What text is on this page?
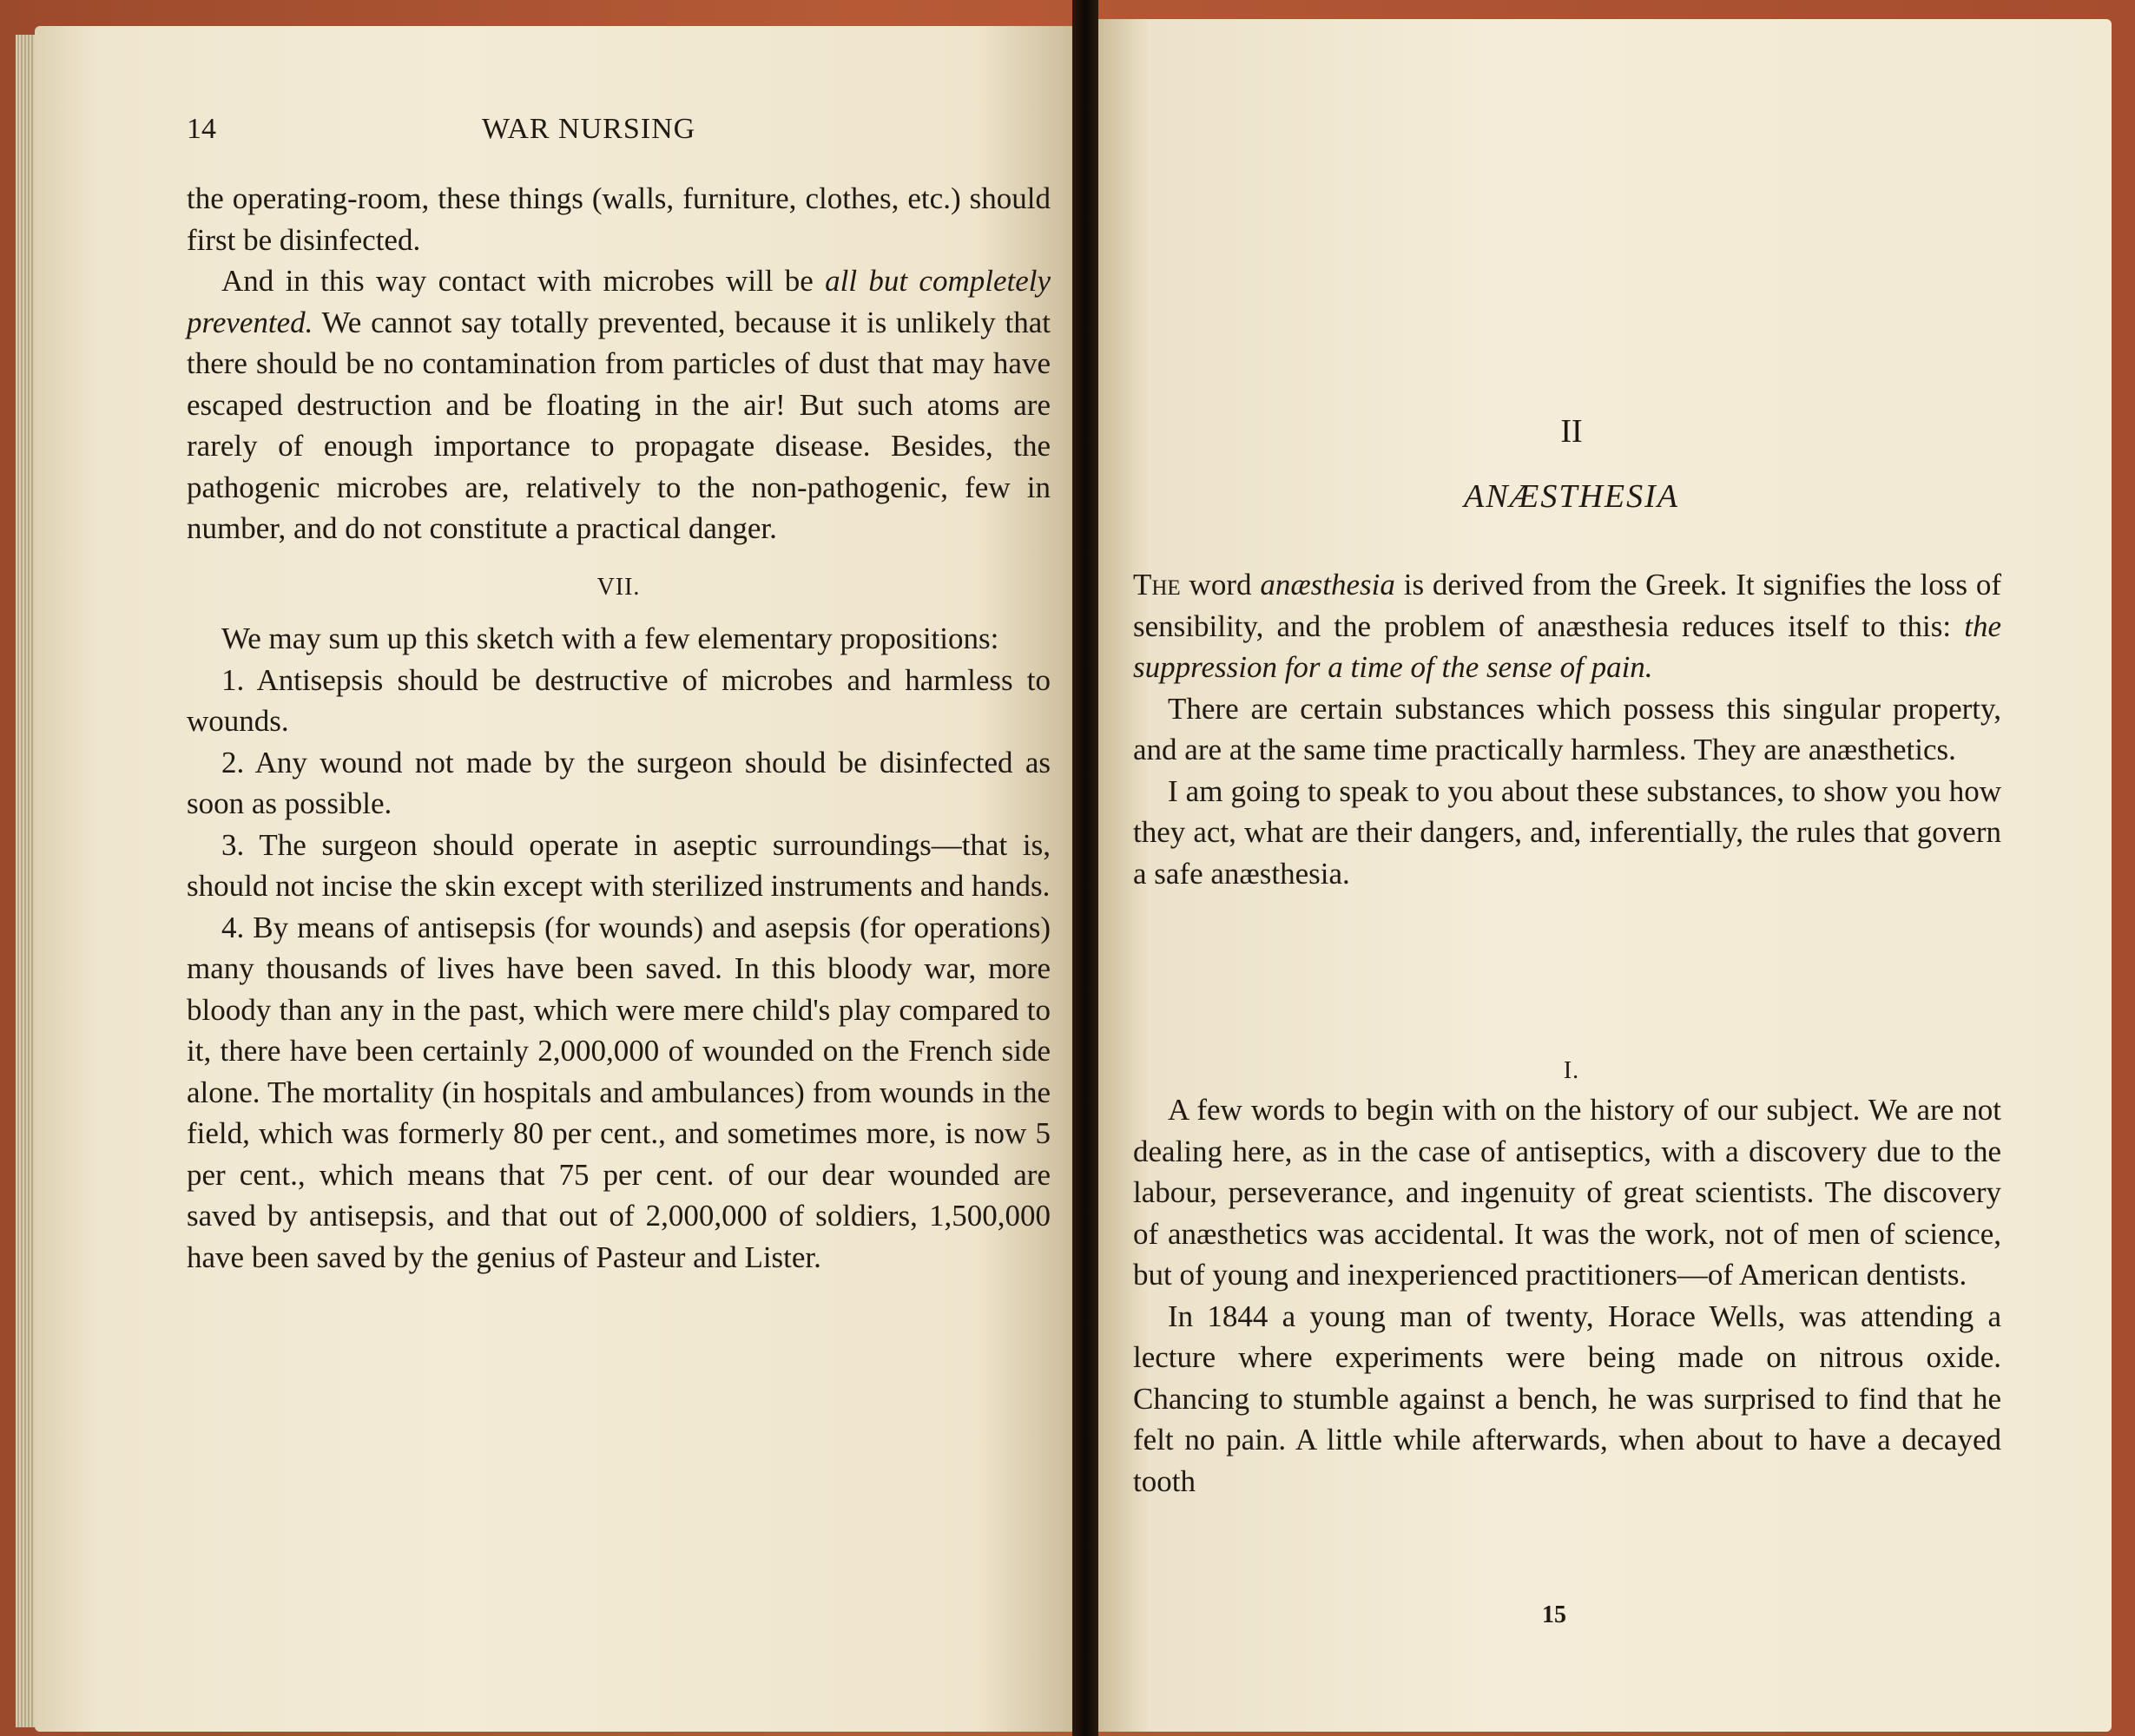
14	WAR NURSING

the operating-room, these things (walls, furniture, clothes, etc.) should first be disinfected.

And in this way contact with microbes will be all but completely prevented. We cannot say totally prevented, because it is unlikely that there should be no contamination from particles of dust that may have escaped destruction and be floating in the air! But such atoms are rarely of enough importance to propagate disease. Besides, the pathogenic microbes are, relatively to the non-pathogenic, few in number, and do not constitute a practical danger.

VII.

We may sum up this sketch with a few elementary propositions:

1. Antisepsis should be destructive of microbes and harmless to wounds.

2. Any wound not made by the surgeon should be disinfected as soon as possible.

3. The surgeon should operate in aseptic surroundings—that is, should not incise the skin except with sterilized instruments and hands.

4. By means of antisepsis (for wounds) and asepsis (for operations) many thousands of lives have been saved. In this bloody war, more bloody than any in the past, which were mere child's play compared to it, there have been certainly 2,000,000 of wounded on the French side alone. The mortality (in hospitals and ambulances) from wounds in the field, which was formerly 80 per cent., and sometimes more, is now 5 per cent., which means that 75 per cent. of our dear wounded are saved by antisepsis, and that out of 2,000,000 of soldiers, 1,500,000 have been saved by the genius of Pasteur and Lister.

II
ANÆSTHESIA

The word anæsthesia is derived from the Greek. It signifies the loss of sensibility, and the problem of anæsthesia reduces itself to this: the suppression for a time of the sense of pain.

There are certain substances which possess this singular property, and are at the same time practically harmless. They are anæsthetics.

I am going to speak to you about these substances, to show you how they act, what are their dangers, and, inferentially, the rules that govern a safe anæsthesia.

I.

A few words to begin with on the history of our subject. We are not dealing here, as in the case of antiseptics, with a discovery due to the labour, perseverance, and ingenuity of great scientists. The discovery of anæsthetics was accidental. It was the work, not of men of science, but of young and inexperienced practitioners—of American dentists.

In 1844 a young man of twenty, Horace Wells, was attending a lecture where experiments were being made on nitrous oxide. Chancing to stumble against a bench, he was surprised to find that he felt no pain. A little while afterwards, when about to have a decayed tooth

15
